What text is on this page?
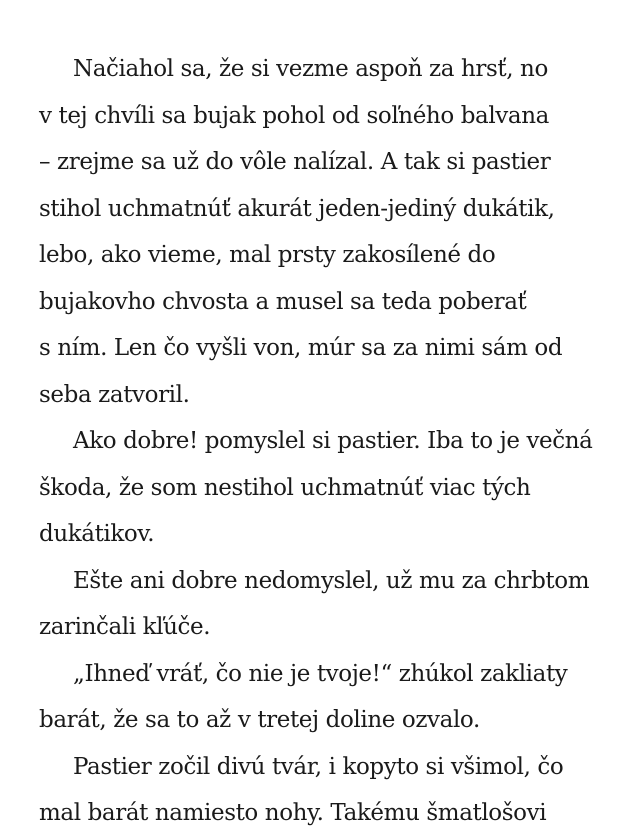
Načiahol sa, že si vezme aspoň za hrsť, no
v tej chvíli sa bujak pohol od soľného balvana
– zrejme sa už do vôle nalízal. A tak si pastier
stihol uchmatnúť akurát jeden-jediný dukátik,
lebo, ako vieme, mal prsty zakosílené do
bujakovho chvosta a musel sa teda poberať
s ním. Len čo vyšli von, múr sa za nimi sám od
seba zatvoril.
Ako dobre! pomyslel si pastier. Iba to je večná
škoda, že som nestihol uchmatnúť viac tých
dukátikov.
Ešte ani dobre nedomyslel, už mu za chrbtom
zarinčali kľúče.
„Ihneď vráť, čo nie je tvoje!“ zhúkol zakliaty
barát, že sa to až v tretej doline ozvalo.
Pastier zočil divú tvár, i kopyto si všimol, čo
mal barát namiesto nohy. Takému šmatlošovi
